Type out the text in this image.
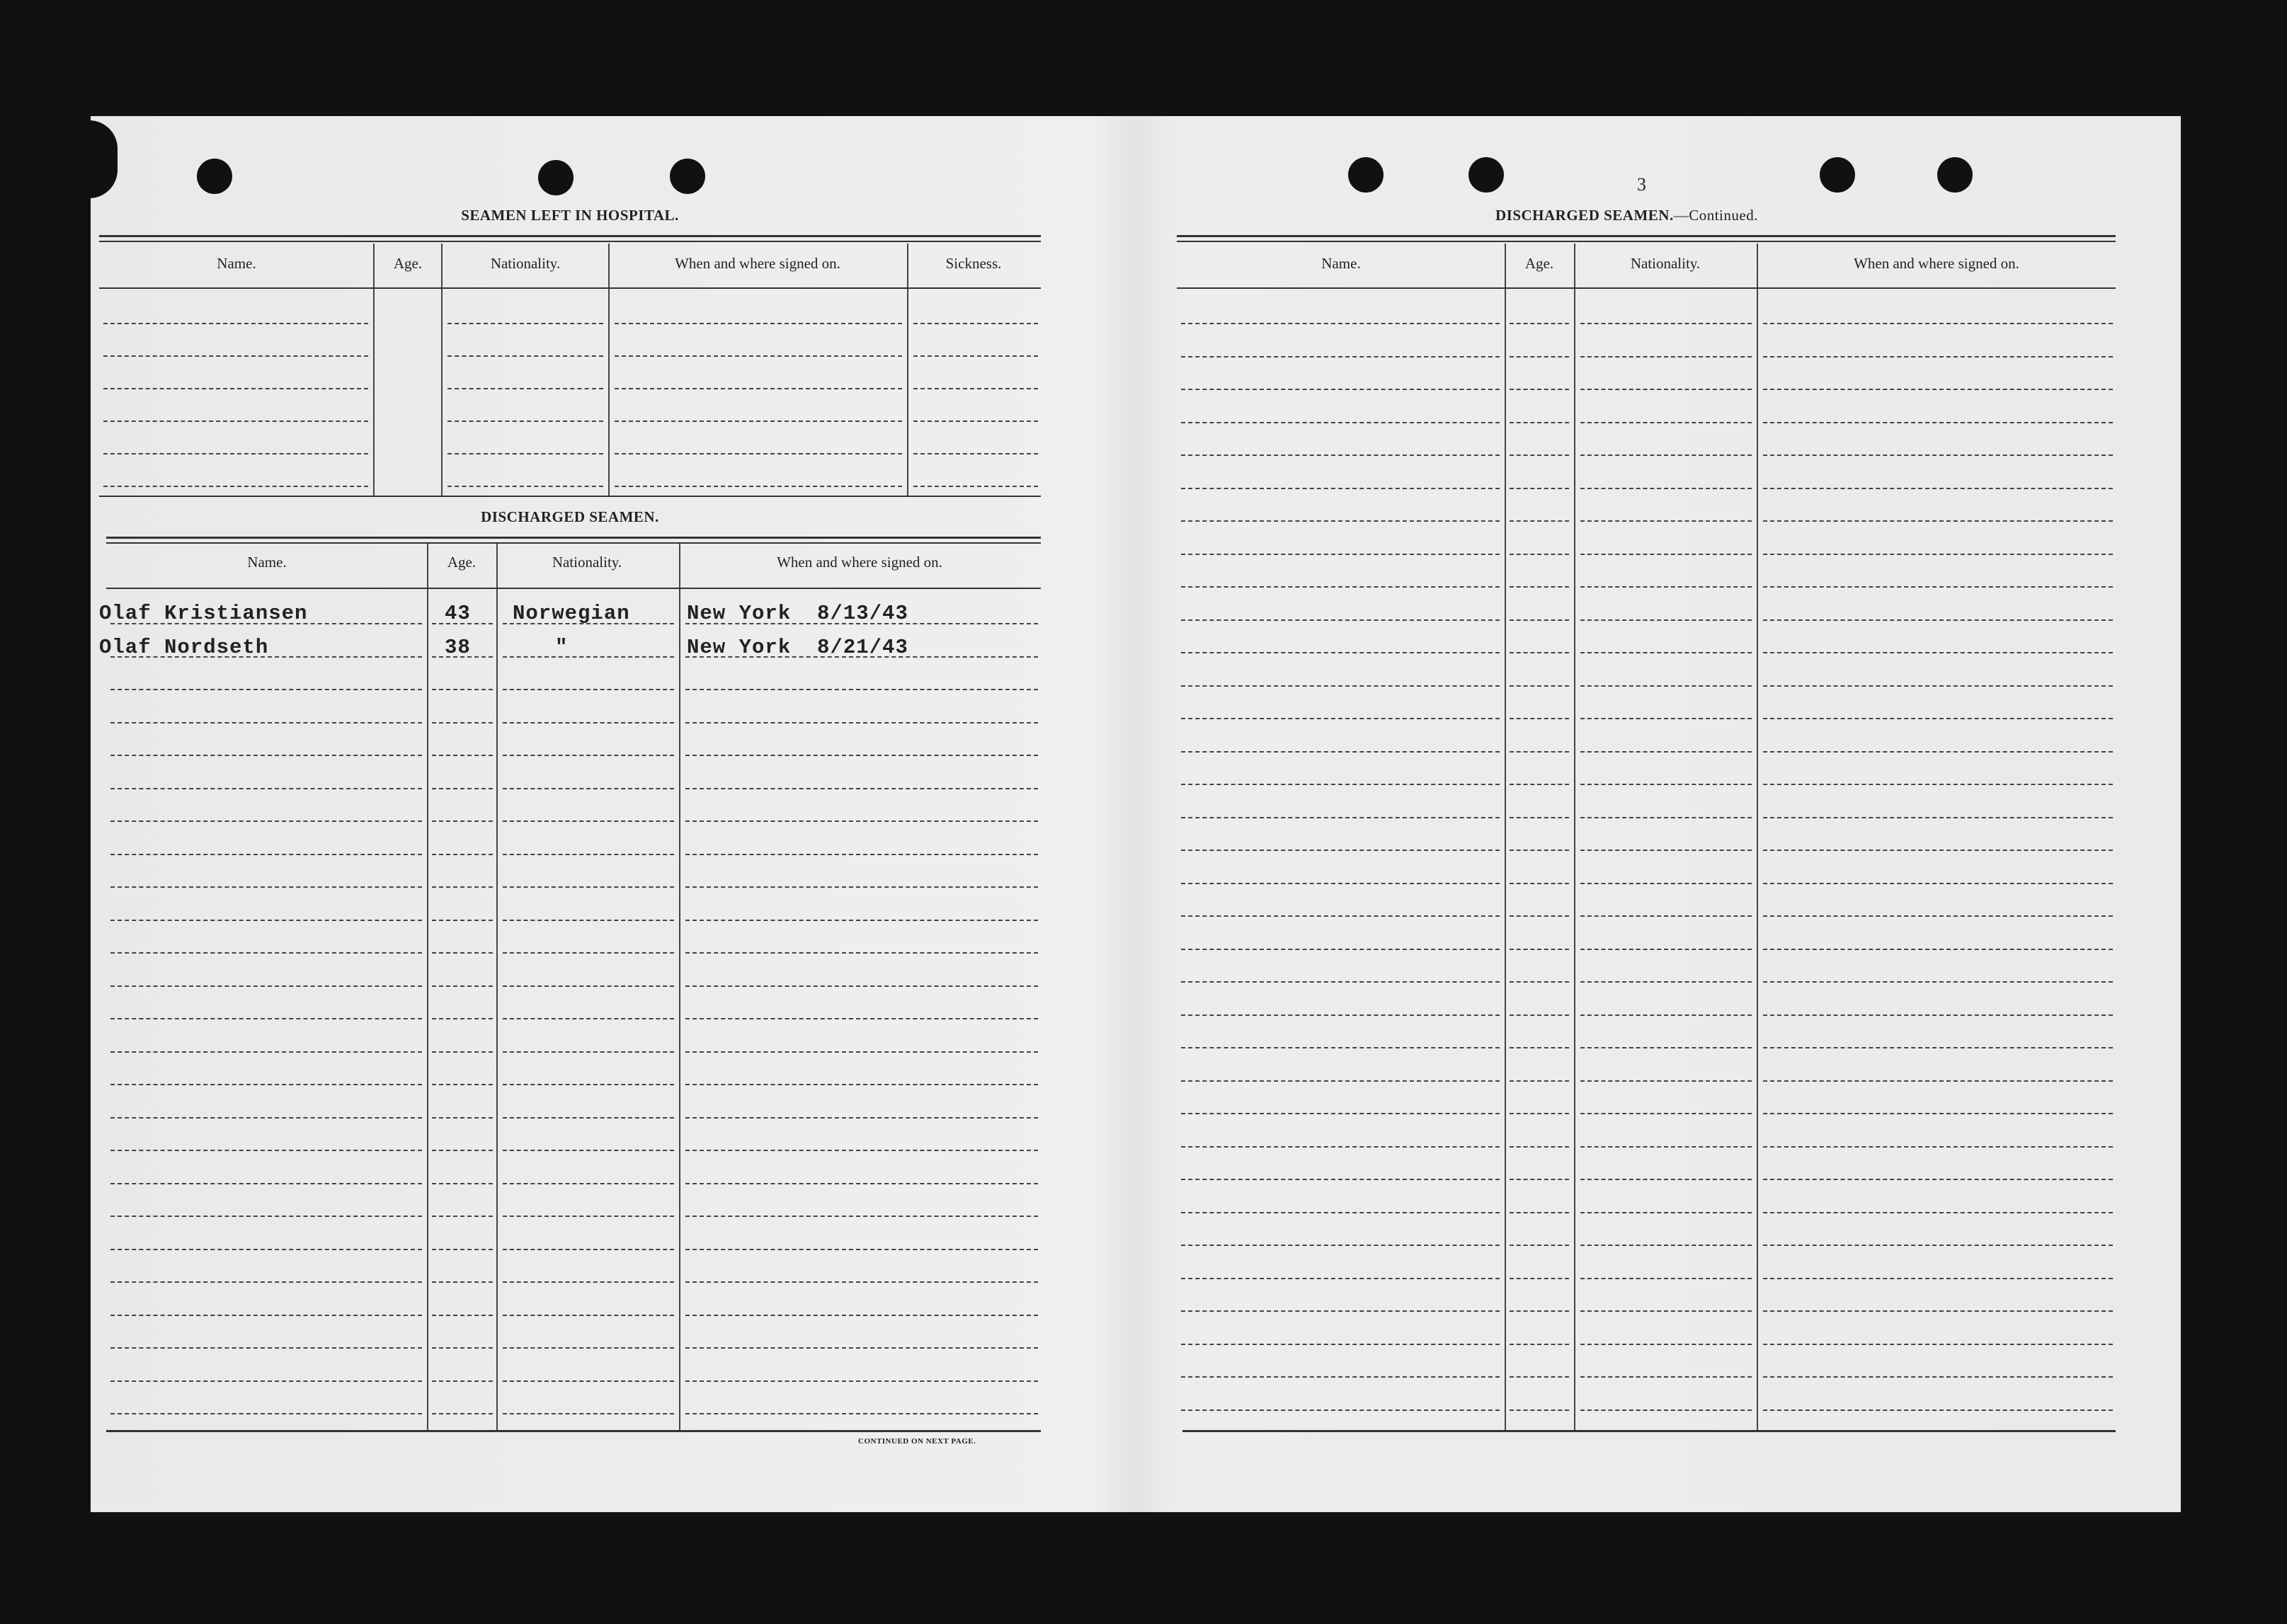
SEAMEN LEFT IN HOSPITAL.
Name.	Age.	Nationality.	When and where signed on.	Sickness.
DISCHARGED SEAMEN.
Name.	Age.	Nationality.	When and where signed on.
Olaf Kristiansen	43 Norwegian	New York  8/13/43
Olaf Nordseth	38	"	New York  8/21/43
CONTINUED ON NEXT PAGE.
3
DISCHARGED SEAMEN.—Continued.
Name.	Age.	Nationality.	When and where signed on.
